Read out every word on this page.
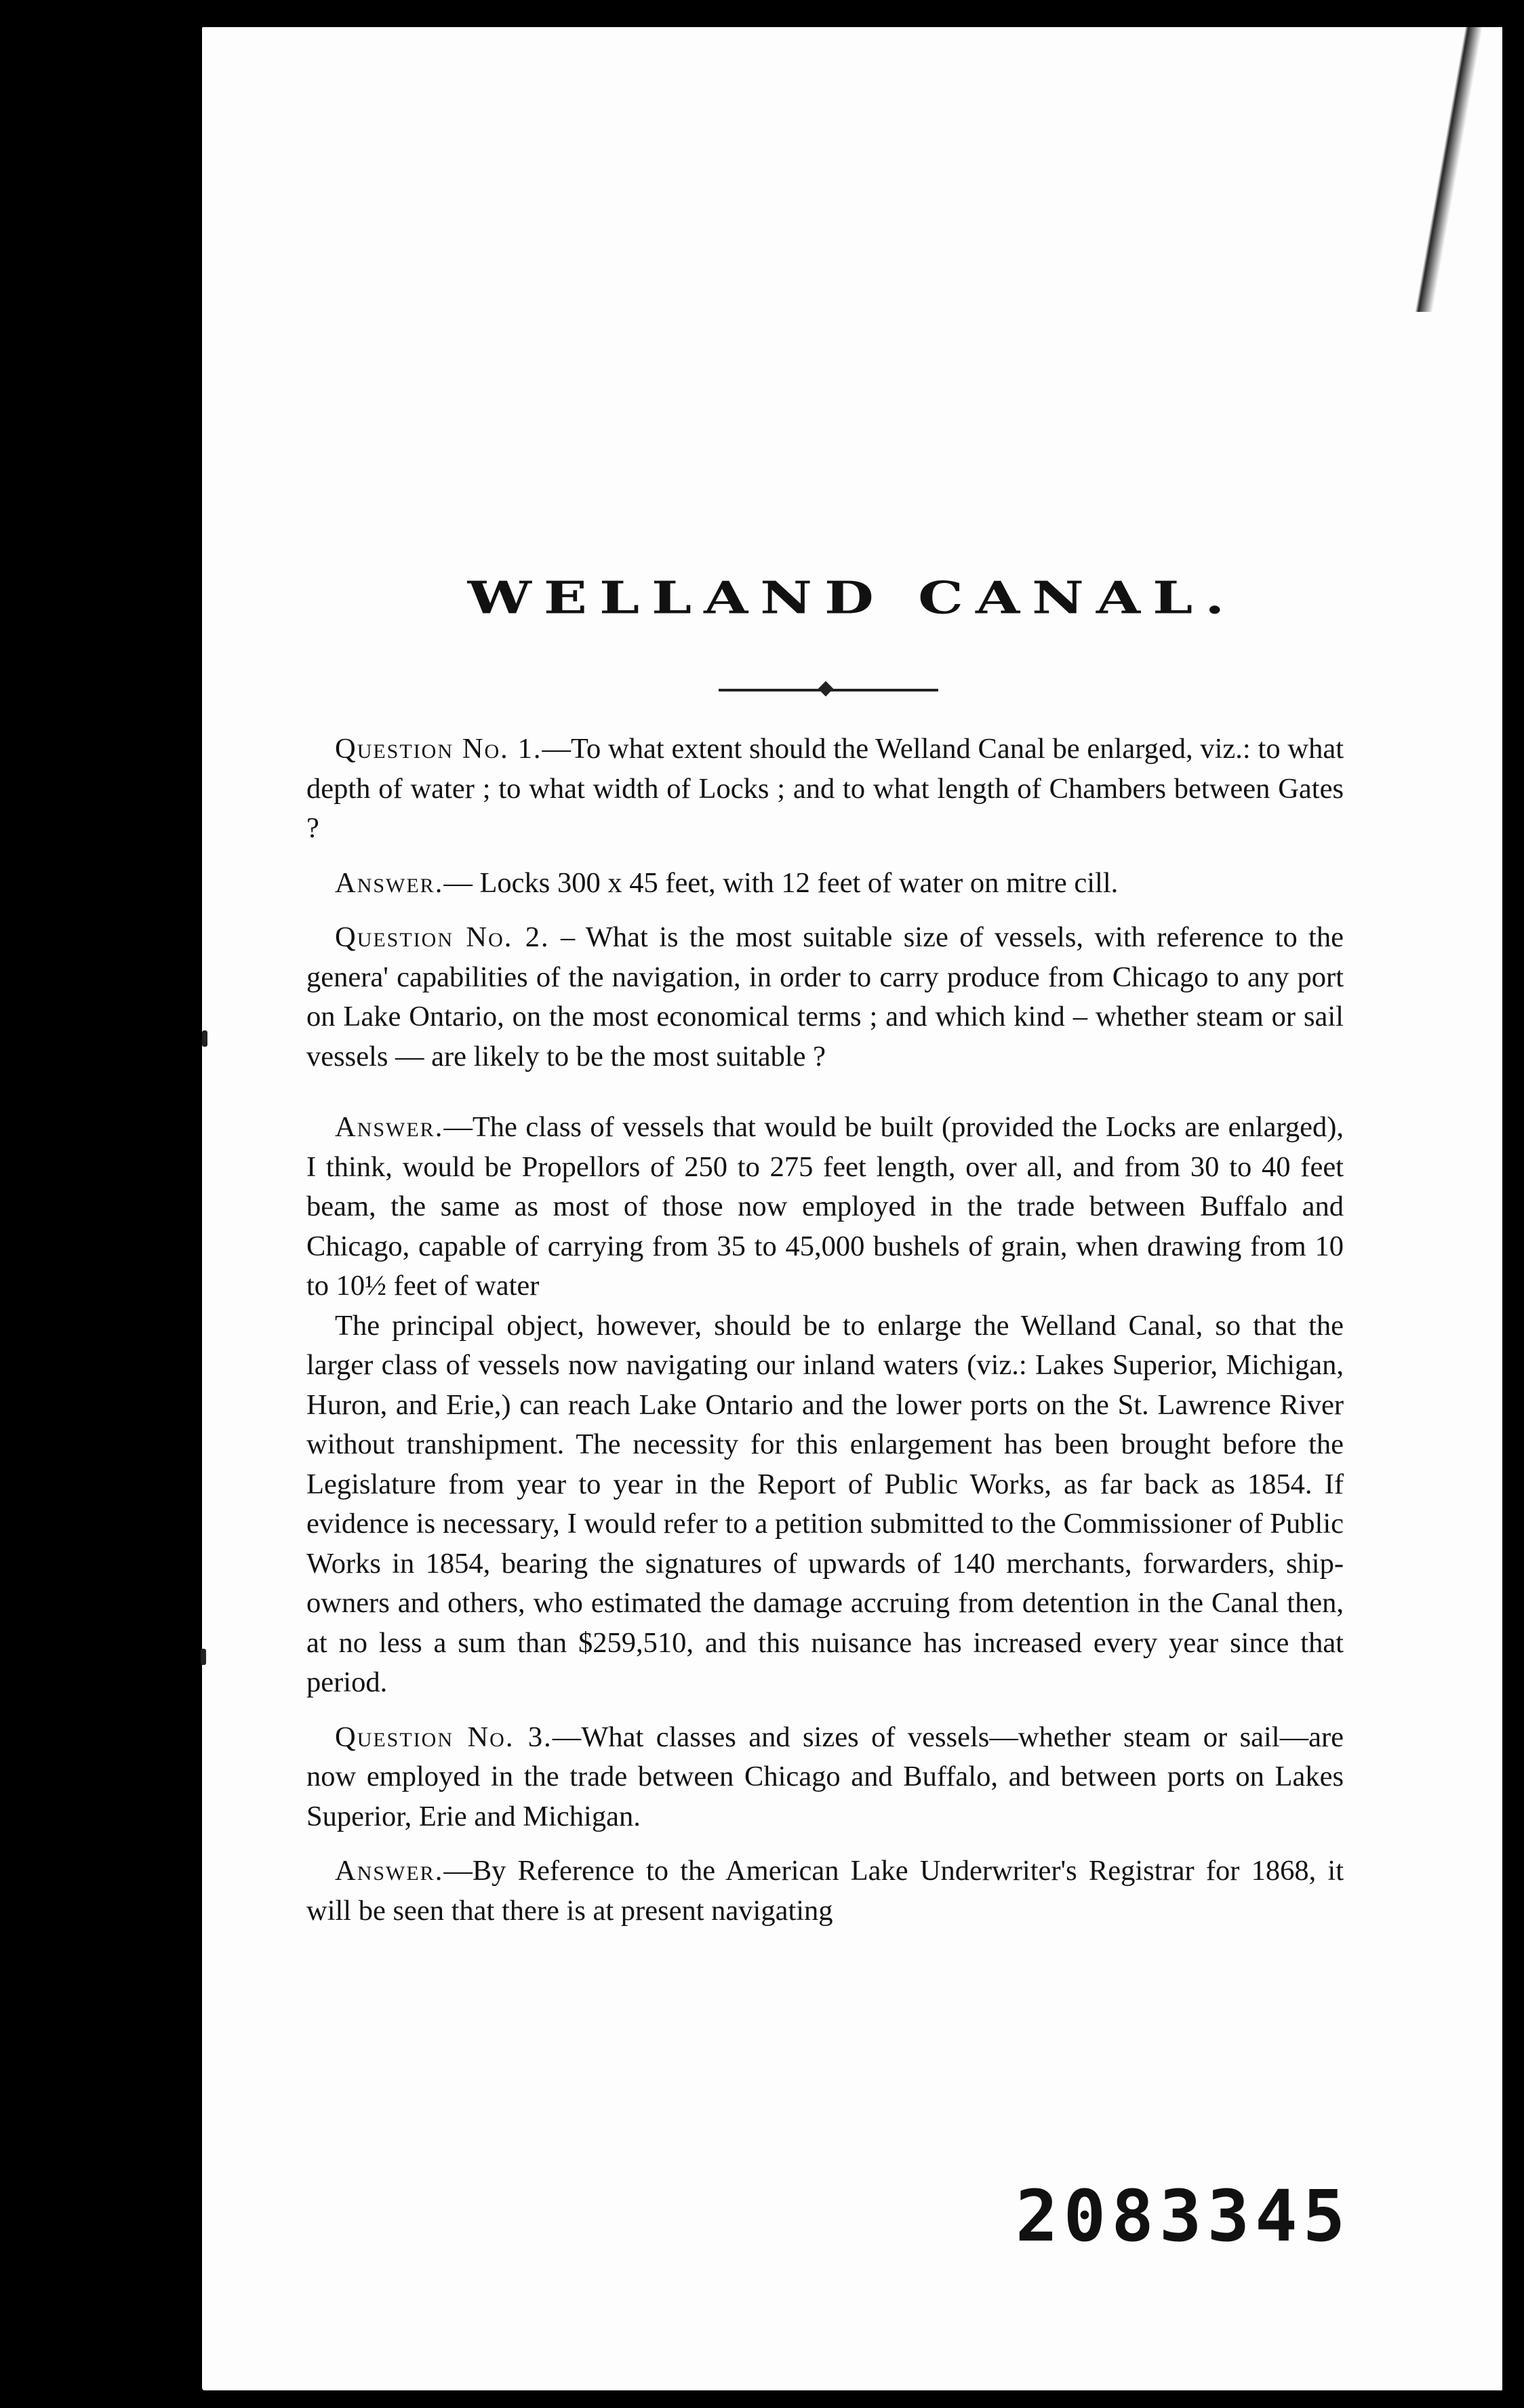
WELLAND CANAL.

Question No. 1.—To what extent should the Welland Canal be enlarged, viz.: to what depth of water ; to what width of Locks ; and to what length of Chambers between Gates ?

Answer.— Locks 300 x 45 feet, with 12 feet of water on mitre cill.

Question No. 2. – What is the most suitable size of vessels, with reference to the genera' capabilities of the navigation, in order to carry produce from Chicago to any port on Lake Ontario, on the most economical terms ; and which kind – whether steam or sail vessels — are likely to be the most suitable ?

Answer.—The class of vessels that would be built (provided the Locks are enlarged), I think, would be Propellors of 250 to 275 feet length, over all, and from 30 to 40 feet beam, the same as most of those now employed in the trade between Buffalo and Chicago, capable of carrying from 35 to 45,000 bushels of grain, when drawing from 10 to 10½ feet of water

The principal object, however, should be to enlarge the Welland Canal, so that the larger class of vessels now navigating our inland waters (viz.: Lakes Superior, Michigan, Huron, and Erie,) can reach Lake Ontario and the lower ports on the St. Lawrence River without transhipment. The necessity for this enlargement has been brought before the Legislature from year to year in the Report of Public Works, as far back as 1854. If evidence is necessary, I would refer to a petition submitted to the Commissioner of Public Works in 1854, bearing the signatures of upwards of 140 merchants, forwarders, ship-owners and others, who estimated the damage accruing from detention in the Canal then, at no less a sum than $259,510, and this nuisance has increased every year since that period.

Question No. 3.—What classes and sizes of vessels—whether steam or sail—are now employed in the trade between Chicago and Buffalo, and between ports on Lakes Superior, Erie and Michigan.

Answer.—By Reference to the American Lake Underwriter's Registrar for 1868, it will be seen that there is at present navigating

2083345
